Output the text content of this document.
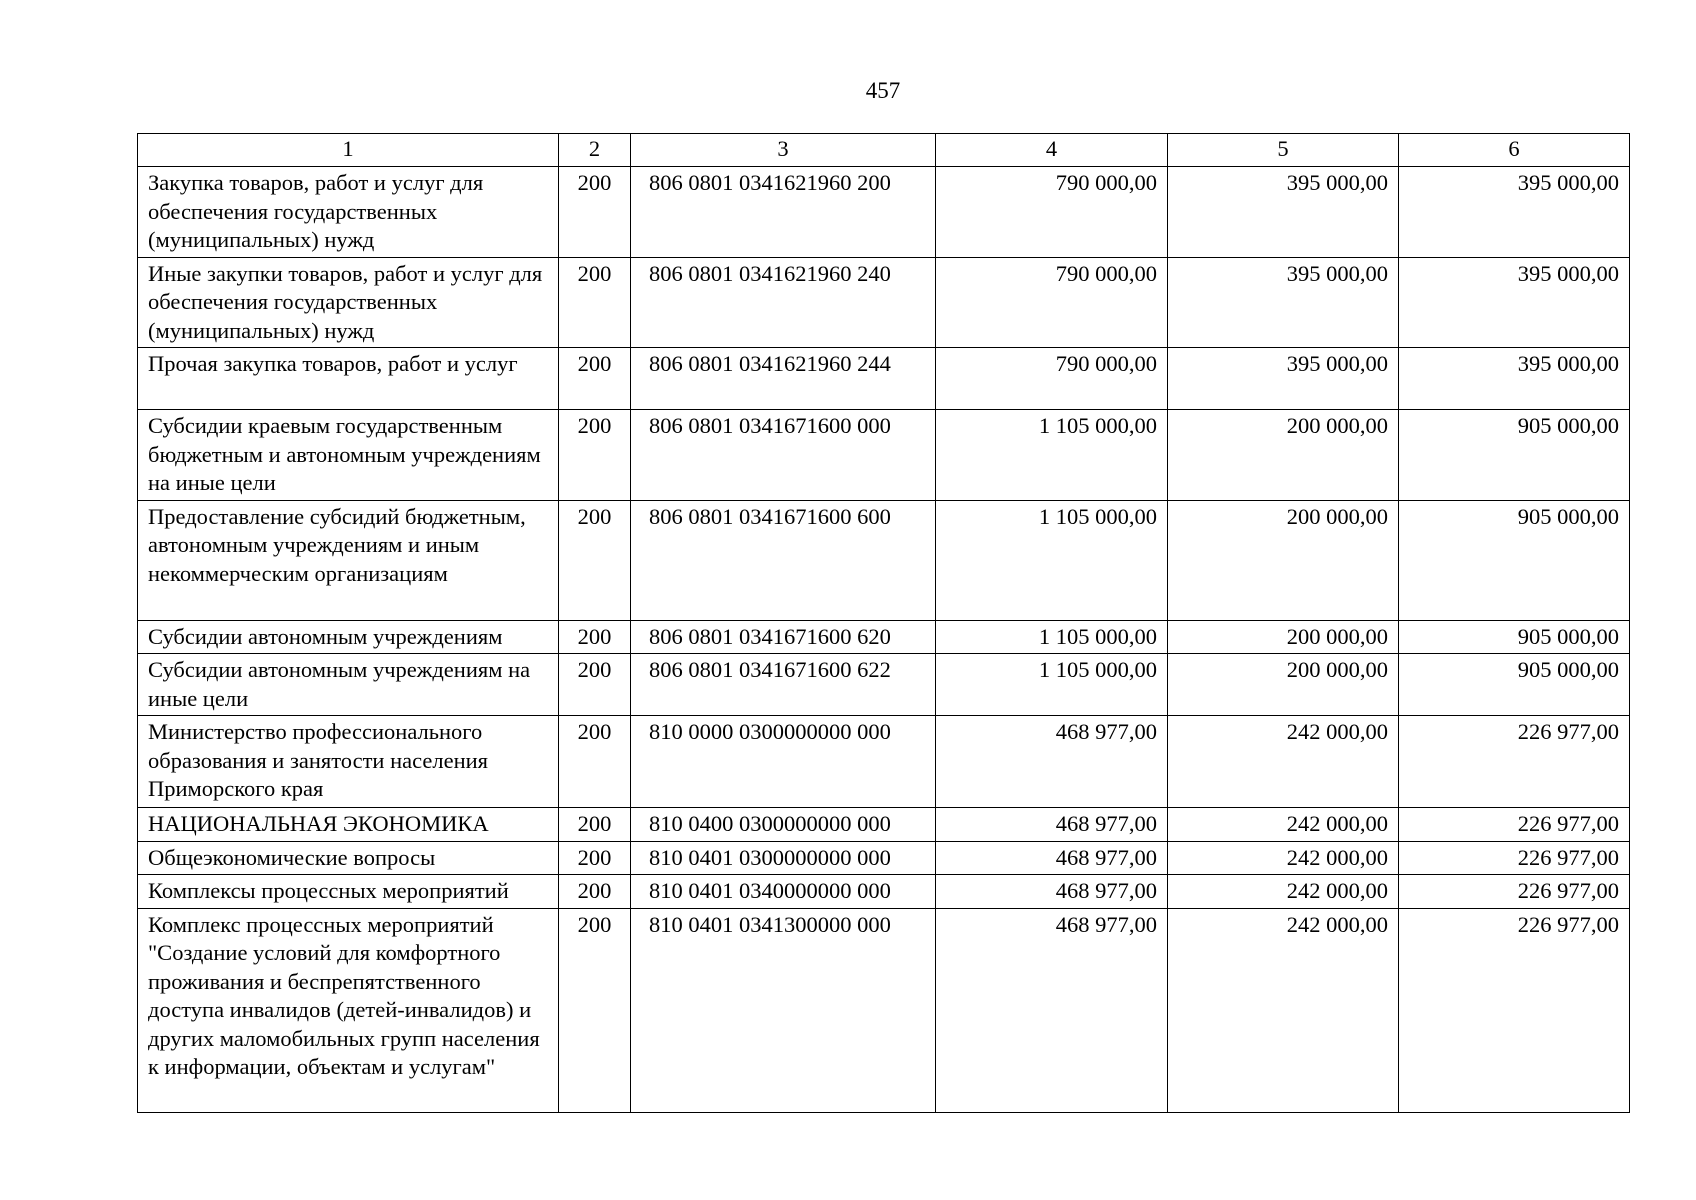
457
1	2	3	4	5	6
Закупка товаров, работ и услуг для обеспечения государственных (муниципальных) нужд	200	806 0801 0341621960 200	790 000,00	395 000,00	395 000,00
Иные закупки товаров, работ и услуг для обеспечения государственных (муниципальных) нужд	200	806 0801 0341621960 240	790 000,00	395 000,00	395 000,00
Прочая закупка товаров, работ и услуг	200	806 0801 0341621960 244	790 000,00	395 000,00	395 000,00
Субсидии краевым государственным бюджетным и автономным учреждениям на иные цели	200	806 0801 0341671600 000	1 105 000,00	200 000,00	905 000,00
Предоставление субсидий бюджетным, автономным учреждениям и иным некоммерческим организациям	200	806 0801 0341671600 600	1 105 000,00	200 000,00	905 000,00
Субсидии автономным учреждениям	200	806 0801 0341671600 620	1 105 000,00	200 000,00	905 000,00
Субсидии автономным учреждениям на иные цели	200	806 0801 0341671600 622	1 105 000,00	200 000,00	905 000,00
Министерство профессионального образования и занятости населения Приморского края	200	810 0000 0300000000 000	468 977,00	242 000,00	226 977,00
НАЦИОНАЛЬНАЯ ЭКОНОМИКА	200	810 0400 0300000000 000	468 977,00	242 000,00	226 977,00
Общеэкономические вопросы	200	810 0401 0300000000 000	468 977,00	242 000,00	226 977,00
Комплексы процессных мероприятий	200	810 0401 0340000000 000	468 977,00	242 000,00	226 977,00
Комплекс процессных мероприятий "Создание условий для комфортного проживания и беспрепятственного доступа инвалидов (детей-инвалидов) и других маломобильных групп населения к информации, объектам и услугам"	200	810 0401 0341300000 000	468 977,00	242 000,00	226 977,00
